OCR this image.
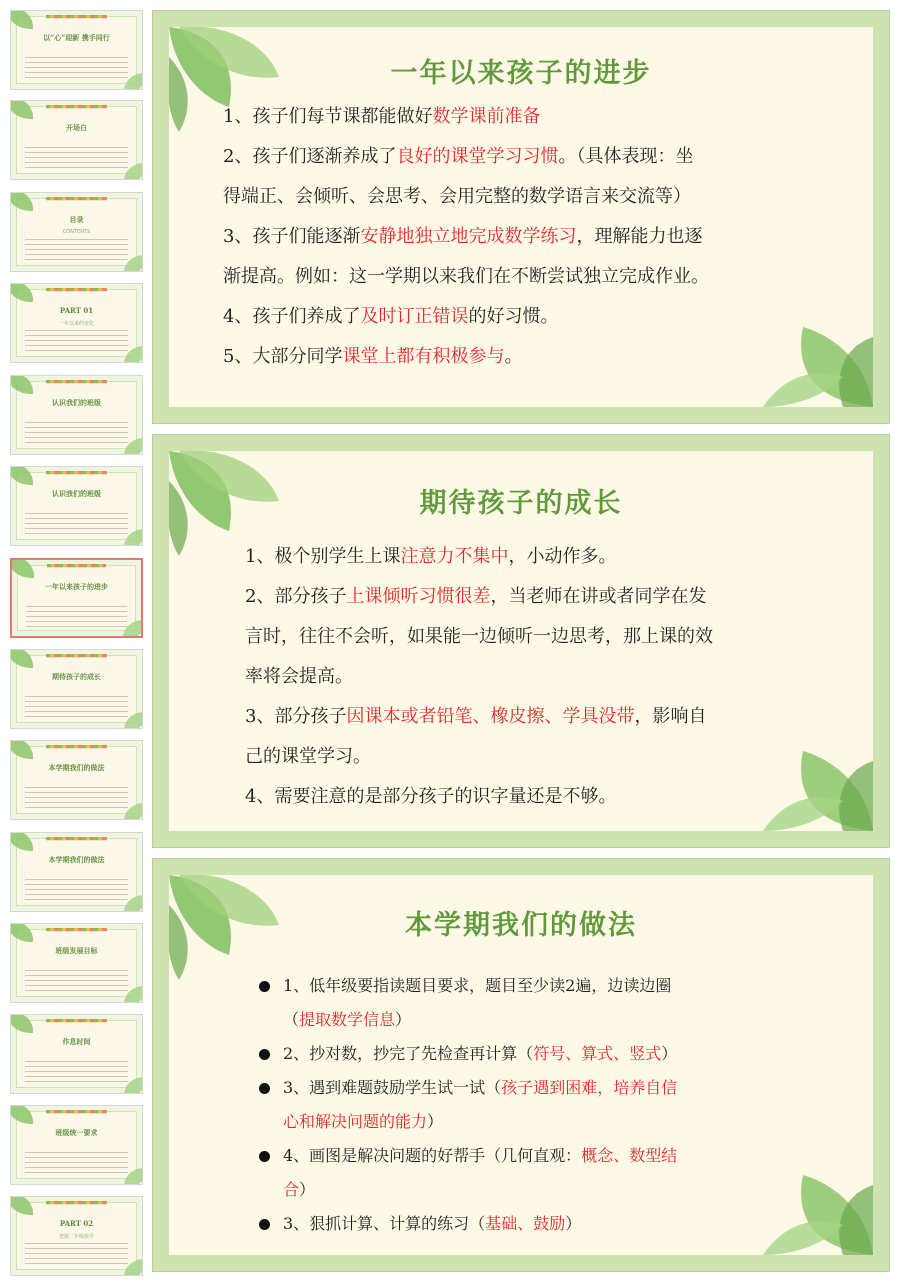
以“心”迎新 携手同行
开场白
目录
CONTENTS
PART 01
一年以来的变化
认识我们的班级
认识我们的班级
一年以来孩子的进步
期待孩子的成长
本学期我们的做法
本学期我们的做法
班级发展目标
作息时间
班级统一要求
PART 02
把握二年级数学
一年以来孩子的进步

1、孩子们每节课都能做好数学课前准备

2、孩子们逐渐养成了良好的课堂学习习惯。（具体表现：坐

得端正、会倾听、会思考、会用完整的数学语言来交流等）

3、孩子们能逐渐安静地独立地完成数学练习，理解能力也逐

渐提高。例如：这一学期以来我们在不断尝试独立完成作业。

4、孩子们养成了及时订正错误的好习惯。

5、大部分同学课堂上都有积极参与。

期待孩子的成长

1、极个别学生上课注意力不集中，小动作多。

2、部分孩子上课倾听习惯很差，当老师在讲或者同学在发

言时，往往不会听，如果能一边倾听一边思考，那上课的效

率将会提高。

3、部分孩子因课本或者铅笔、橡皮擦、学具没带，影响自

己的课堂学习。

4、需要注意的是部分孩子的识字量还是不够。

本学期我们的做法
1、低年级要指读题目要求，题目至少读2遍，边读边圈
（提取数学信息）
2、抄对数，抄完了先检查再计算（符号、算式、竖式）
3、遇到难题鼓励学生试一试（孩子遇到困难，培养自信
心和解决问题的能力）
4、画图是解决问题的好帮手（几何直观：概念、数型结
合）
3、狠抓计算、计算的练习（基础、鼓励）
